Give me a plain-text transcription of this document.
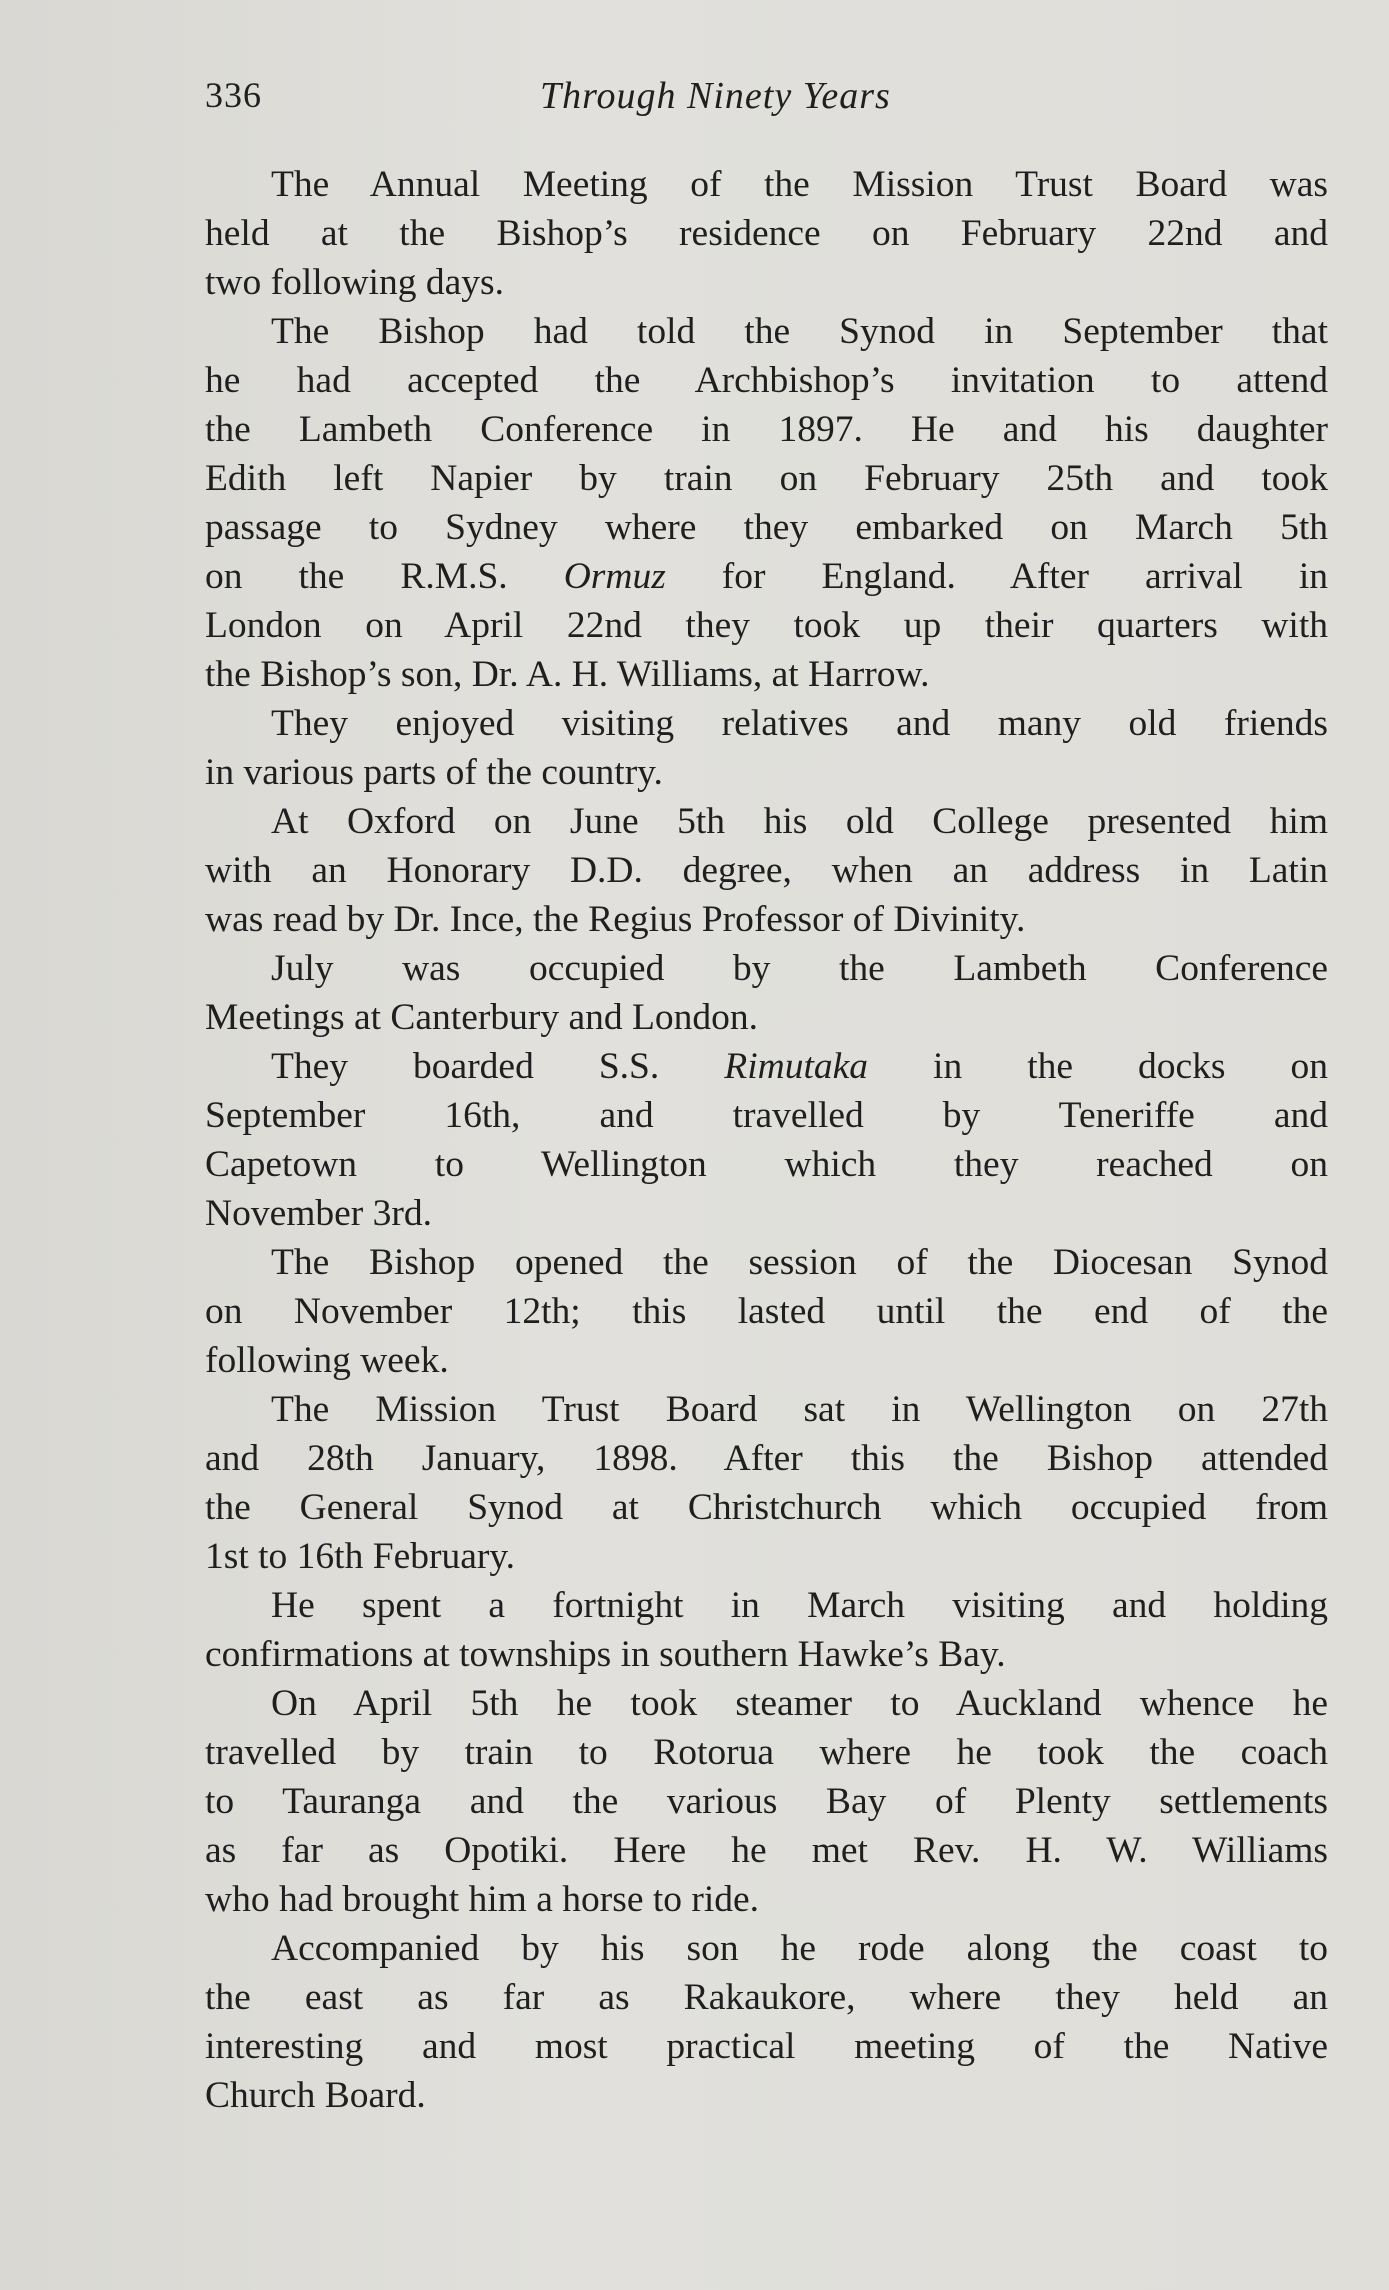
336	Through Ninety Years
The Annual Meeting of the Mission Trust Board was
held at the Bishop’s residence on February 22nd and
two following days.
The Bishop had told the Synod in September that
he had accepted the Archbishop’s invitation to attend
the Lambeth Conference in 1897. He and his daughter
Edith left Napier by train on February 25th and took
passage to Sydney where they embarked on March 5th
on the R.M.S. Ormuz for England. After arrival in
London on April 22nd they took up their quarters with
the Bishop’s son, Dr. A. H. Williams, at Harrow.
They enjoyed visiting relatives and many old friends
in various parts of the country.
At Oxford on June 5th his old College presented him
with an Honorary D.D. degree, when an address in Latin
was read by Dr. Ince, the Regius Professor of Divinity.
July was occupied by the Lambeth Conference
Meetings at Canterbury and London.
They boarded S.S. Rimutaka in the docks on
September 16th, and travelled by Teneriffe and
Capetown to Wellington which they reached on
November 3rd.
The Bishop opened the session of the Diocesan Synod
on November 12th; this lasted until the end of the
following week.
The Mission Trust Board sat in Wellington on 27th
and 28th January, 1898. After this the Bishop attended
the General Synod at Christchurch which occupied from
1st to 16th February.
He spent a fortnight in March visiting and holding
confirmations at townships in southern Hawke’s Bay.
On April 5th he took steamer to Auckland whence he
travelled by train to Rotorua where he took the coach
to Tauranga and the various Bay of Plenty settlements
as far as Opotiki. Here he met Rev. H. W. Williams
who had brought him a horse to ride.
Accompanied by his son he rode along the coast to
the east as far as Rakaukore, where they held an
interesting and most practical meeting of the Native
Church Board.
